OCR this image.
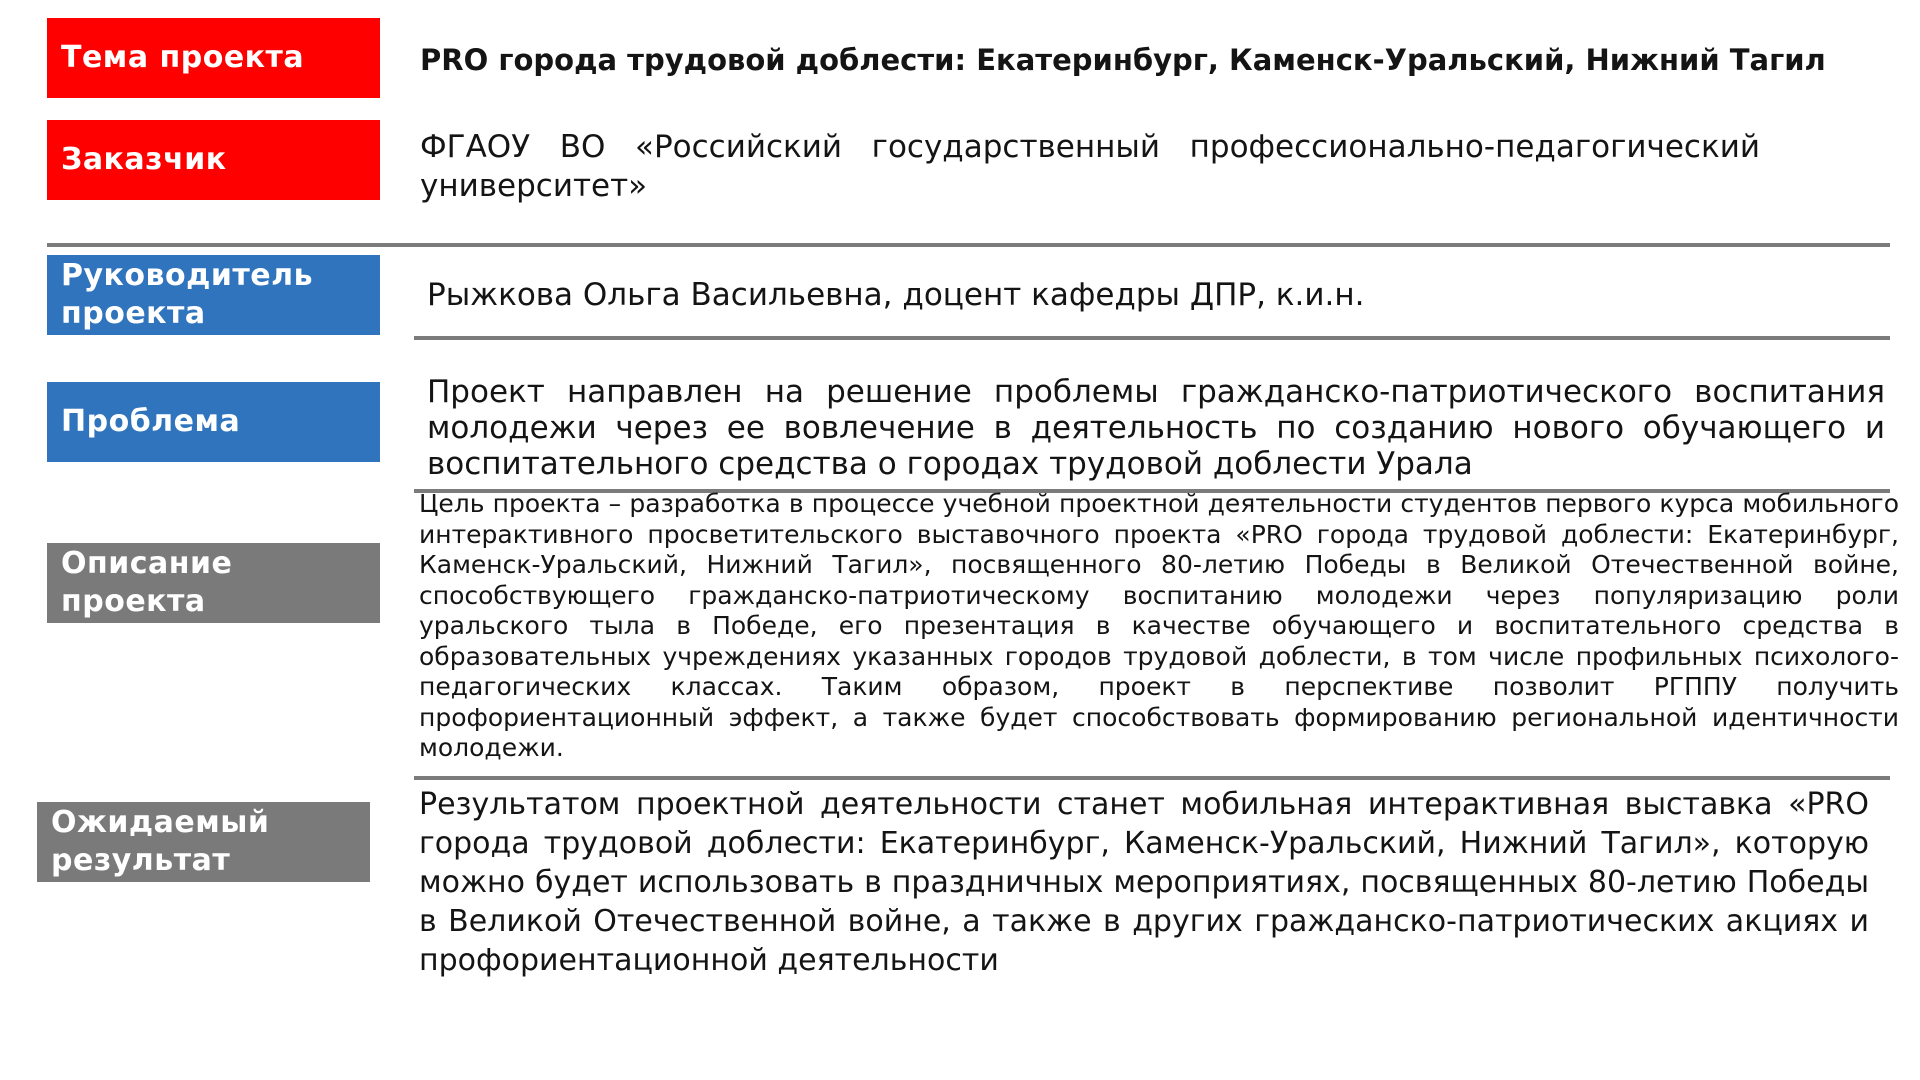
Тема проекта
Заказчик
Руководитель проекта
Проблема
Описание проекта
Ожидаемый результат
PRO города трудовой доблести: Екатеринбург, Каменск-Уральский, Нижний Тагил
ФГАОУ ВО «Российский государственный профессионально-педагогический университет»
Рыжкова Ольга Васильевна, доцент кафедры ДПР, к.и.н.
Проект направлен на решение проблемы гражданско-патриотического воспитания молодежи через ее вовлечение в деятельность по созданию нового обучающего и воспитательного средства о городах трудовой доблести Урала
Цель проекта – разработка в процессе учебной проектной деятельности студентов первого курса мобильного интерактивного просветительского выставочного проекта «PRO города трудовой доблести: Екатеринбург, Каменск-Уральский, Нижний Тагил», посвященного 80-летию Победы в Великой Отечественной войне, способствующего гражданско-патриотическому воспитанию молодежи через популяризацию роли уральского тыла в Победе, его презентация в качестве обучающего и воспитательного средства в образовательных учреждениях указанных городов трудовой доблести, в том числе профильных психолого-педагогических классах. Таким образом, проект в перспективе позволит РГППУ получить профориентационный эффект, а также будет способствовать формированию региональной идентичности молодежи.
Результатом проектной деятельности станет мобильная интерактивная выставка «PRO города трудовой доблести: Екатеринбург, Каменск-Уральский, Нижний Тагил», которую можно будет использовать в праздничных мероприятиях, посвященных 80-летию Победы в Великой Отечественной войне, а также в других гражданско-патриотических акциях и профориентационной деятельности
